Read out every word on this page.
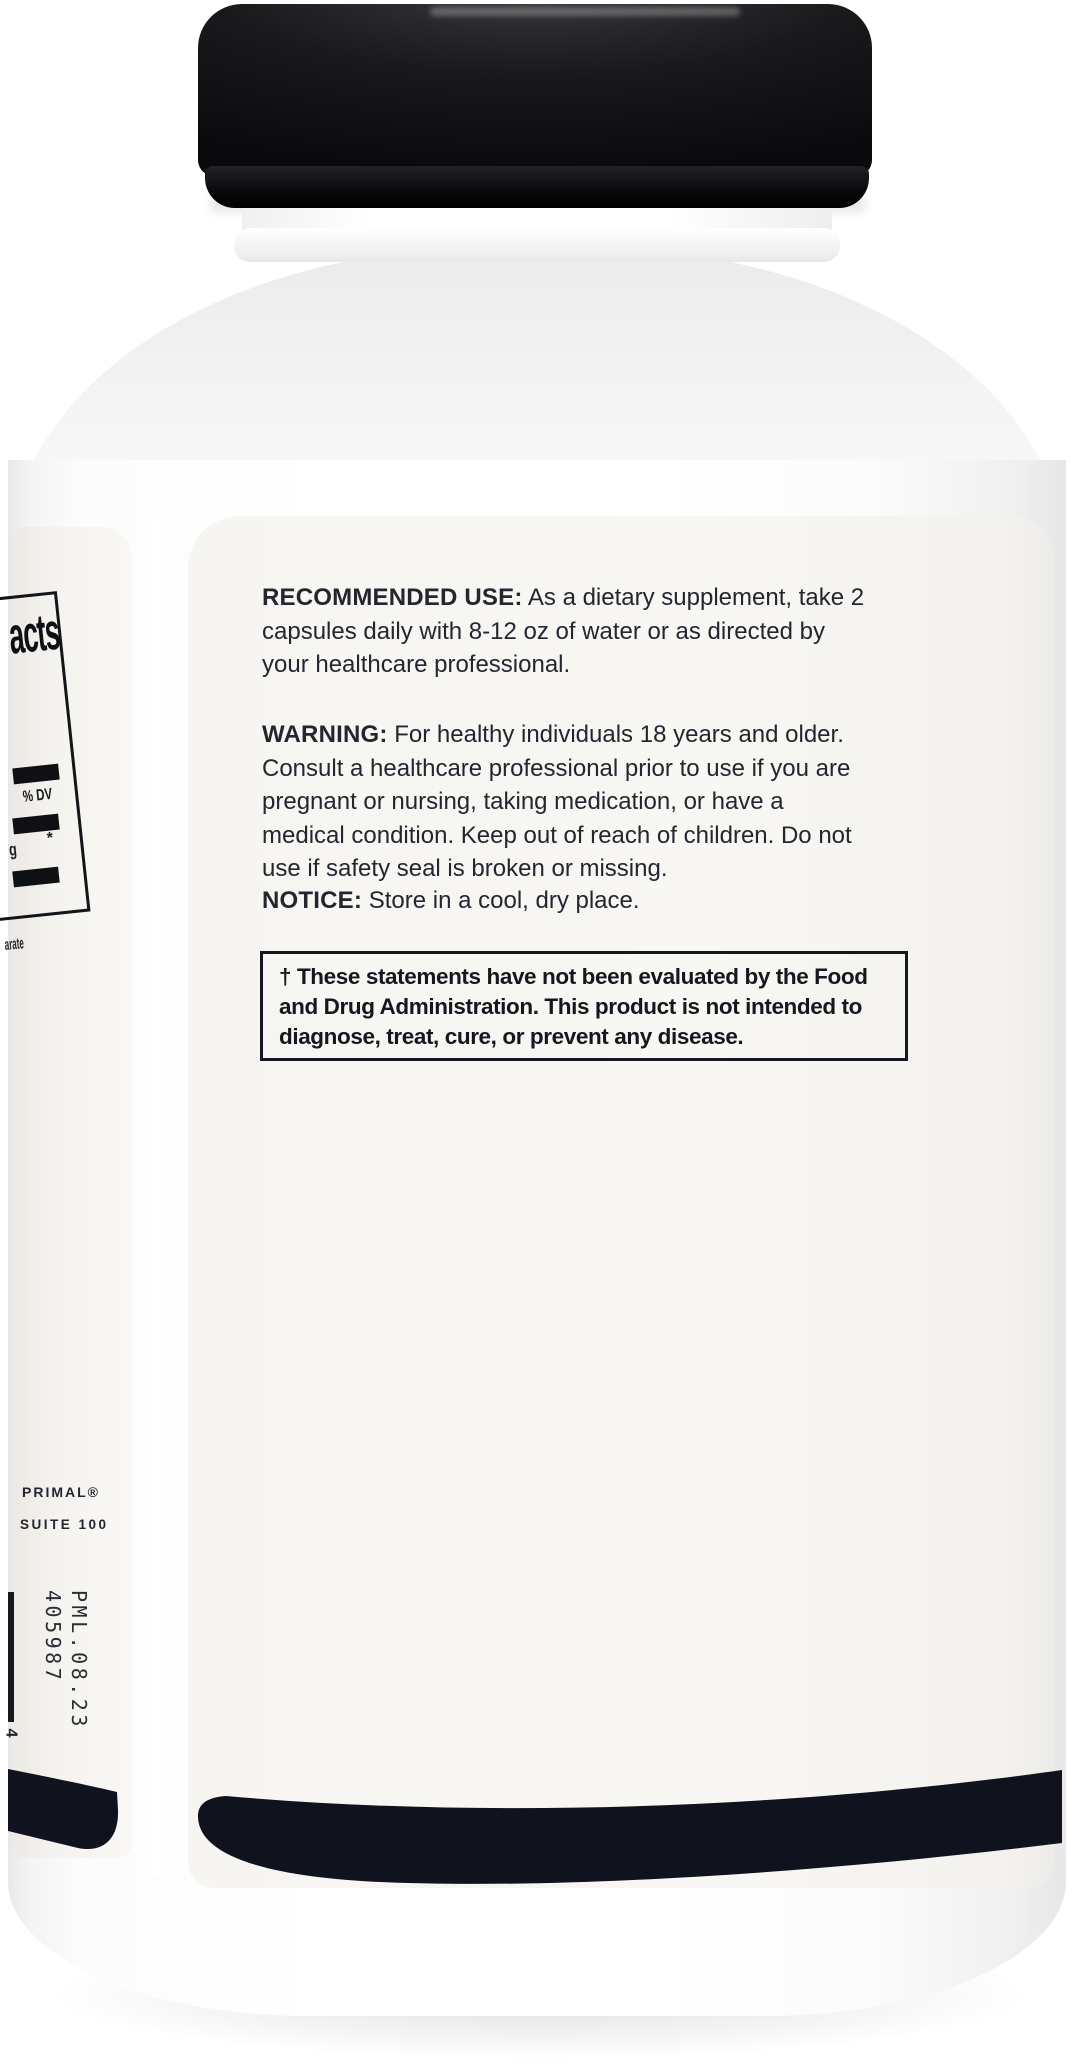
acts
% DV
g
*
arate
PRIMAL®
SUITE 100
PML.08.23
405987
4
RECOMMENDED USE: As a dietary supplement, take 2
capsules daily with 8-12 oz of water or as directed by
your healthcare professional.
WARNING: For healthy individuals 18 years and older.
Consult a healthcare professional prior to use if you are
pregnant or nursing, taking medication, or have a
medical condition. Keep out of reach of children. Do not
use if safety seal is broken or missing.
NOTICE: Store in a cool, dry place.
† These statements have not been evaluated by the Food
and Drug Administration. This product is not intended to
diagnose, treat, cure, or prevent any disease.
